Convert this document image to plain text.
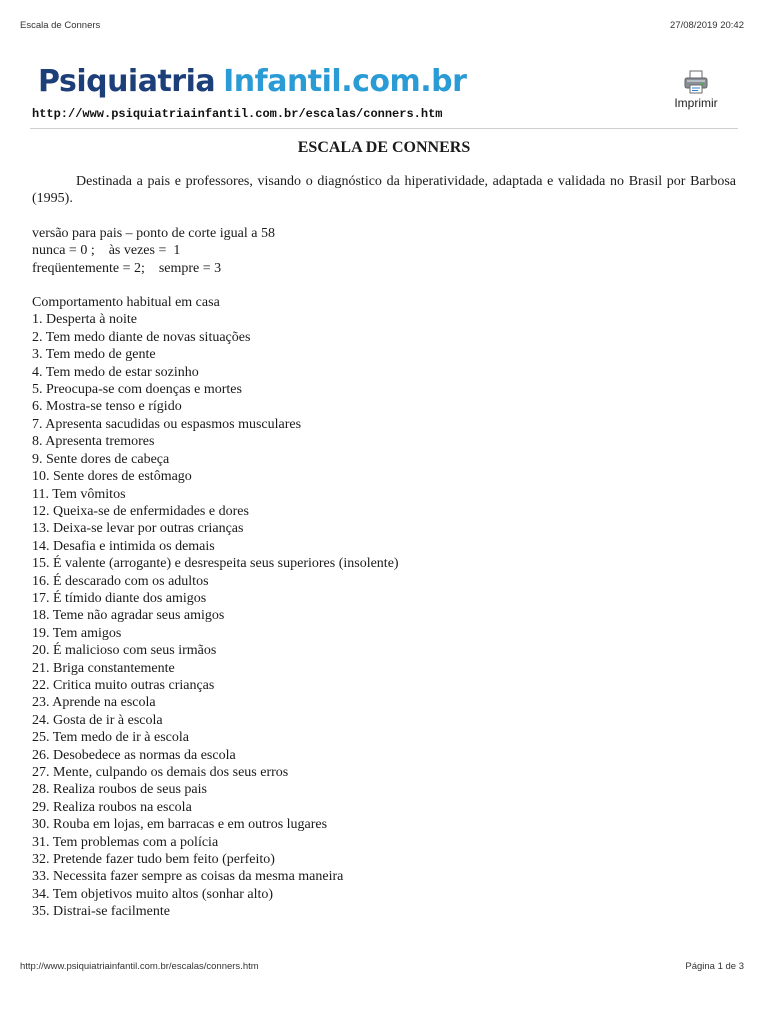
Escala de Conners	27/08/2019 20:42
Psiquiatria Infantil.com.br
http://www.psiquiatriainfantil.com.br/escalas/conners.htm
Imprimir
ESCALA DE CONNERS

Destinada a pais e professores, visando o diagnóstico da hiperatividade, adaptada e validada no Brasil por Barbosa (1995).

versão para pais – ponto de corte igual a 58
nunca = 0 ;    às vezes =  1
freqüentemente = 2;    sempre = 3
Comportamento habitual em casa
1. Desperta à noite
2. Tem medo diante de novas situações
3. Tem medo de gente
4. Tem medo de estar sozinho
5. Preocupa-se com doenças e mortes
6. Mostra-se tenso e rígido
7. Apresenta sacudidas ou espasmos musculares
8. Apresenta tremores
9. Sente dores de cabeça
10. Sente dores de estômago
11. Tem vômitos
12. Queixa-se de enfermidades e dores
13. Deixa-se levar por outras crianças
14. Desafia e intimida os demais
15. É valente (arrogante) e desrespeita seus superiores (insolente)
16. É descarado com os adultos
17. É tímido diante dos amigos
18. Teme não agradar seus amigos
19. Tem amigos
20. É malicioso com seus irmãos
21. Briga constantemente
22. Critica muito outras crianças
23. Aprende na escola
24. Gosta de ir à escola
25. Tem medo de ir à escola
26. Desobedece as normas da escola
27. Mente, culpando os demais dos seus erros
28. Realiza roubos de seus pais
29. Realiza roubos na escola
30. Rouba em lojas, em barracas e em outros lugares
31. Tem problemas com a polícia
32. Pretende fazer tudo bem feito (perfeito)
33. Necessita fazer sempre as coisas da mesma maneira
34. Tem objetivos muito altos (sonhar alto)
35. Distrai-se facilmente
http://www.psiquiatriainfantil.com.br/escalas/conners.htm	Página 1 de 3
